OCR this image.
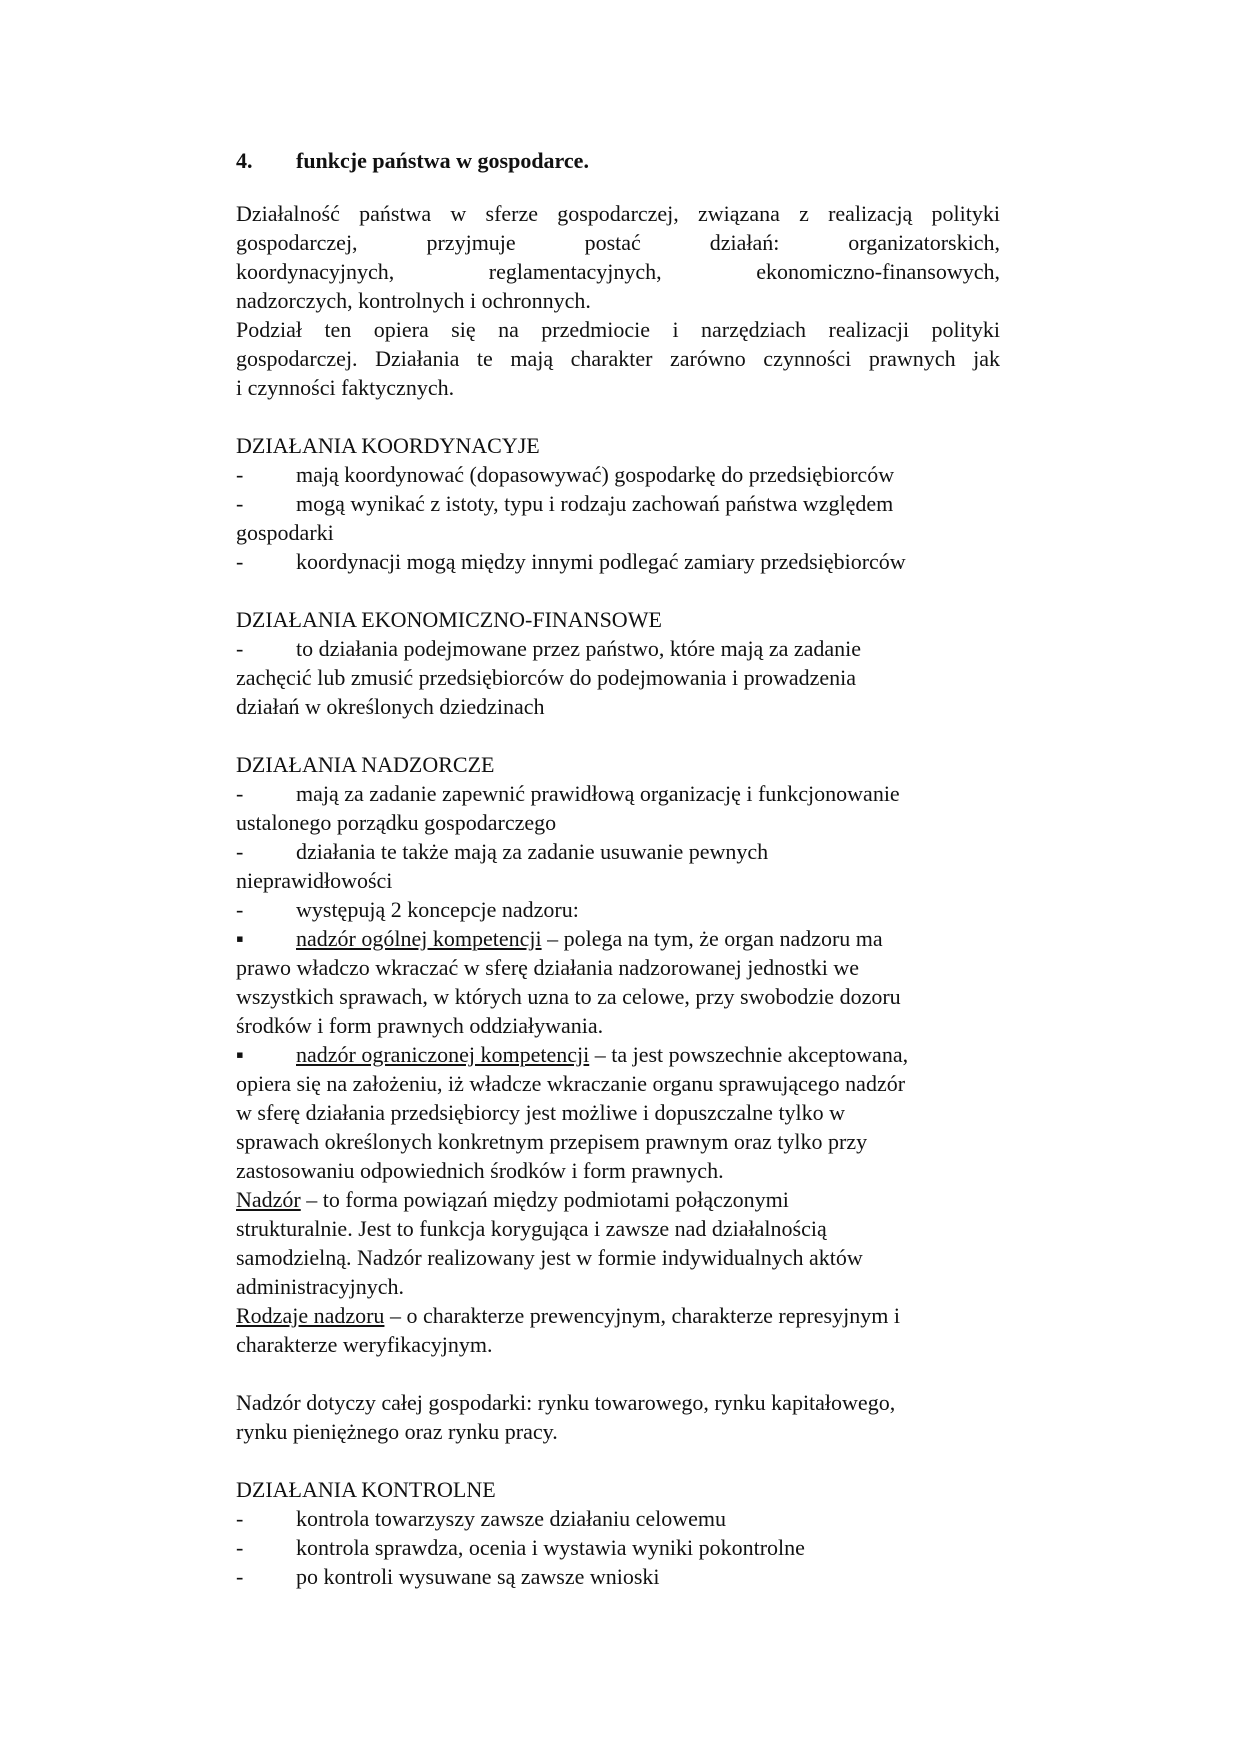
4.	funkcje państwa w gospodarce.

Działalność państwa w sferze gospodarczej, związana z realizacją polityki

gospodarczej, przyjmuje postać działań: organizatorskich,

koordynacyjnych, reglamentacyjnych, ekonomiczno-finansowych,

nadzorczych, kontrolnych i ochronnych.

Podział ten opiera się na przedmiocie i narzędziach realizacji polityki

gospodarczej. Działania te mają charakter zarówno czynności prawnych jak

i czynności faktycznych.

DZIAŁANIA KOORDYNACYJE

-	mają koordynować (dopasowywać) gospodarkę do przedsiębiorców
-	mogą wynikać z istoty, typu i rodzaju zachowań państwa względem

gospodarki

-	koordynacji mogą między innymi podlegać zamiary przedsiębiorców

DZIAŁANIA EKONOMICZNO-FINANSOWE

-	to działania podejmowane przez państwo, które mają za zadanie

zachęcić lub zmusić przedsiębiorców do podejmowania i prowadzenia

działań w określonych dziedzinach

DZIAŁANIA NADZORCZE

-	mają za zadanie zapewnić prawidłową organizację i funkcjonowanie

ustalonego porządku gospodarczego

-	działania te także mają za zadanie usuwanie pewnych

nieprawidłowości

-	występują 2 koncepcje nadzoru:
▪	nadzór ogólnej kompetencji – polega na tym, że organ nadzoru ma

prawo władczo wkraczać w sferę działania nadzorowanej jednostki we

wszystkich sprawach, w których uzna to za celowe, przy swobodzie dozoru

środków i form prawnych oddziaływania.

▪	nadzór ograniczonej kompetencji – ta jest powszechnie akceptowana,

opiera się na założeniu, iż władcze wkraczanie organu sprawującego nadzór

w sferę działania przedsiębiorcy jest możliwe i dopuszczalne tylko w

sprawach określonych konkretnym przepisem prawnym oraz tylko przy

zastosowaniu odpowiednich środków i form prawnych.

Nadzór – to forma powiązań między podmiotami połączonymi

strukturalnie. Jest to funkcja korygująca i zawsze nad działalnością

samodzielną. Nadzór realizowany jest w formie indywidualnych aktów

administracyjnych.

Rodzaje nadzoru – o charakterze prewencyjnym, charakterze represyjnym i

charakterze weryfikacyjnym.

Nadzór dotyczy całej gospodarki: rynku towarowego, rynku kapitałowego,

rynku pieniężnego oraz rynku pracy.

DZIAŁANIA KONTROLNE

-	kontrola towarzyszy zawsze działaniu celowemu
-	kontrola sprawdza, ocenia i wystawia wyniki pokontrolne
-	po kontroli wysuwane są zawsze wnioski
